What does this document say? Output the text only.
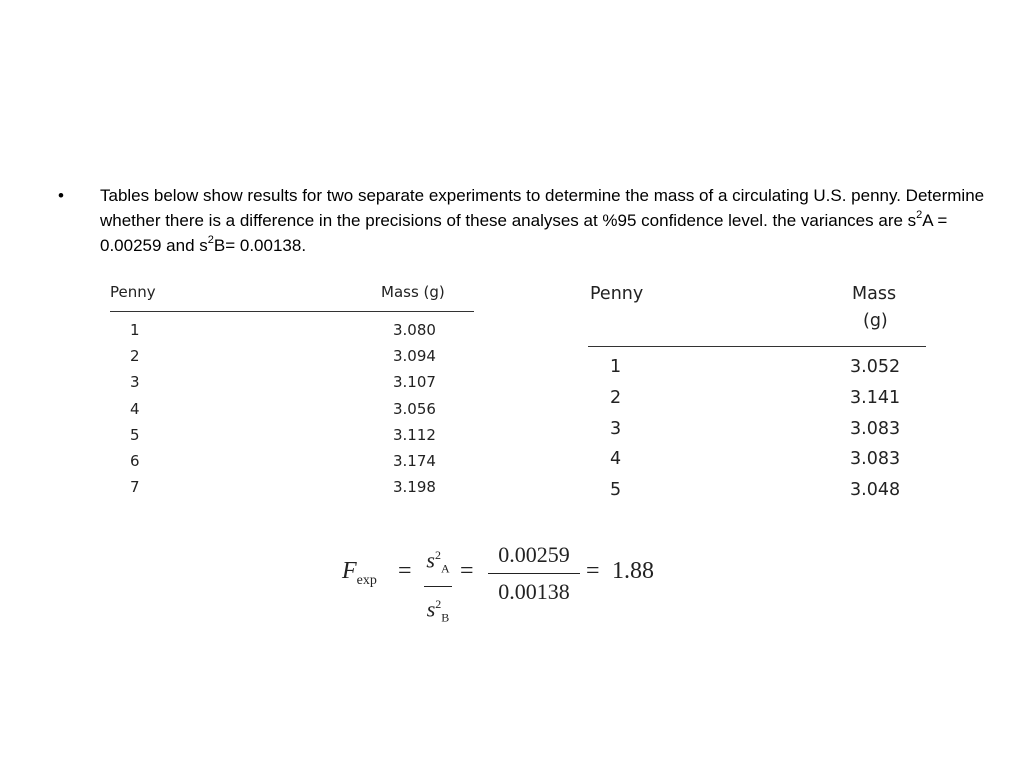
• Tables below show results for two separate experiments to determine the mass of a circulating U.S. penny. Determine whether there is a difference in the precisions of these analyses at %95 confidence level. the variances are $s^2A = 0.00259$ and $s^2B= 0.00138$.
Penny	Mass (g)
1	3.080
2	3.094
3	3.107
4	3.056
5	3.112
6	3.174
7	3.198
Penny	Mass
(g)
1	3.052
2	3.141
3	3.083
4	3.083
5	3.048
$F_{exp} = s^2_A$
$s^2_B$
=
0.00259
0.00138
= 1.88
